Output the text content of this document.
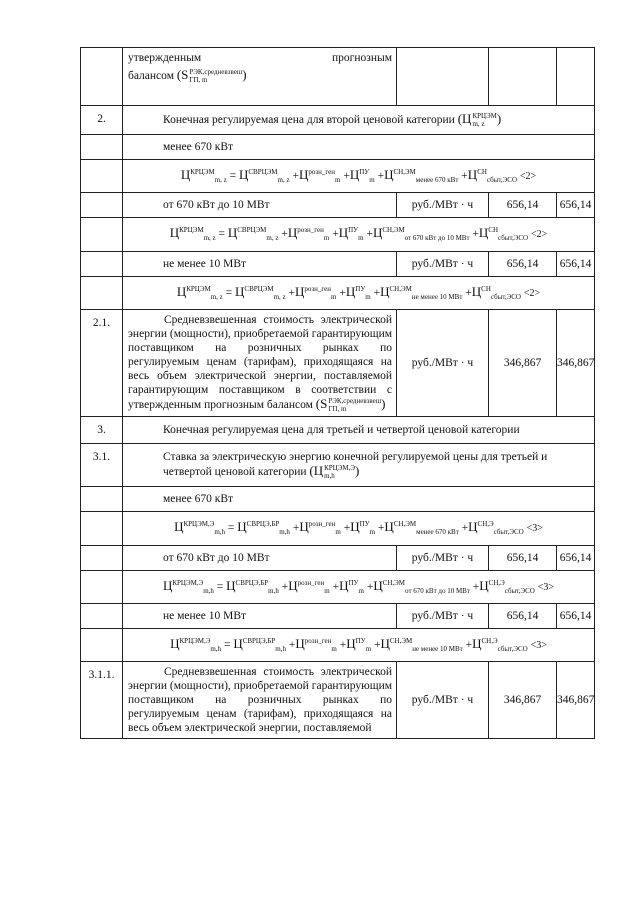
	утвержденным прогнозным
балансом (S РЭК,средневзвеш
ГП, m )			

2.	Конечная регулируемая цена для второй ценовой категории (Ц КРЦЭМ
m, z )			
	менее 670 кВт			
	$Ц^{КРЦЭМ}_{m, z} = Ц^{СВРЦЭМ}_{m, z} +Ц^{розн\_ген}_m +Ц^{ПУ}_m +Ц^{СН,ЭМ}_{менее 670 кВт} +Ц^{СН}_{сбыт,ЭСО} <2>$			
	от 670 кВт до 10 МВт	руб./МВт · ч	656,14	656,14
	$Ц^{КРЦЭМ}_{m, z} = Ц^{СВРЦЭМ}_{m, z} +Ц^{розн\_ген}_m +Ц^{ПУ}_m +Ц^{СН,ЭМ}_{от 670 кВт до 10 МВт} +Ц^{СН}_{сбыт,ЭСО} <2>$			
	не менее 10 МВт	руб./МВт · ч	656,14	656,14
	$Ц^{КРЦЭМ}_{m, z} = Ц^{СВРЦЭМ}_{m, z} +Ц^{розн\_ген}_m +Ц^{ПУ}_m +Ц^{СН,ЭМ}_{не менее 10 МВт} +Ц^{СН}_{сбыт,ЭСО} <2>$			
2.1.	Средневзвешенная стоимость электрической энергии (мощности), приобретаемой гарантирующим поставщиком на розничных рынках по регулируемым ценам (тарифам), приходящаяся на весь объем электрической энергии, поставляемой гарантирующим поставщиком в соответствии с утвержденным прогнозным балансом (S РЭК,средневзвеш
ГП, m )	руб./МВт · ч	346,867	346,867
3.	Конечная регулируемая цена для третьей и четвертой ценовой категории			
3.1.	Ставка за электрическую энергию конечной регулируемой цены для третьей и четвертой ценовой категории (Ц КРЦЭМ,Э
m,h )			
	менее 670 кВт			
	$Ц^{КРЦЭМ,Э}_{m,h} = Ц^{СВРЦЭ,БР}_{m,h} +Ц^{розн\_ген}_m +Ц^{ПУ}_m +Ц^{СН,ЭМ}_{менее 670 кВт} +Ц^{СН,Э}_{сбыт,ЭСО} <3>$			
	от 670 кВт до 10 МВт	руб./МВт · ч	656,14	656,14
	$Ц^{КРЦЭМ,Э}_{m,h} = Ц^{СВРЦЭ,БР}_{m,h} +Ц^{розн\_ген}_m +Ц^{ПУ}_m +Ц^{СН,ЭМ}_{от 670 кВт до 10 МВт} +Ц^{СН,Э}_{сбыт,ЭСО} <3>$			
	не менее 10 МВт	руб./МВт · ч	656,14	656,14
	$Ц^{КРЦЭМ,Э}_{m,h} = Ц^{СВРЦЭ,БР}_{m,h} +Ц^{розн\_ген}_m +Ц^{ПУ}_m +Ц^{СН,ЭМ}_{не менее 10 МВт} +Ц^{СН,Э}_{сбыт,ЭСО} <3>$			
3.1.1.	Средневзвешенная стоимость электрической энергии (мощности), приобретаемой гарантирующим поставщиком на розничных рынках по регулируемым ценам (тарифам), приходящаяся на весь объем электрической энергии, поставляемой	руб./МВт · ч	346,867	346,867
